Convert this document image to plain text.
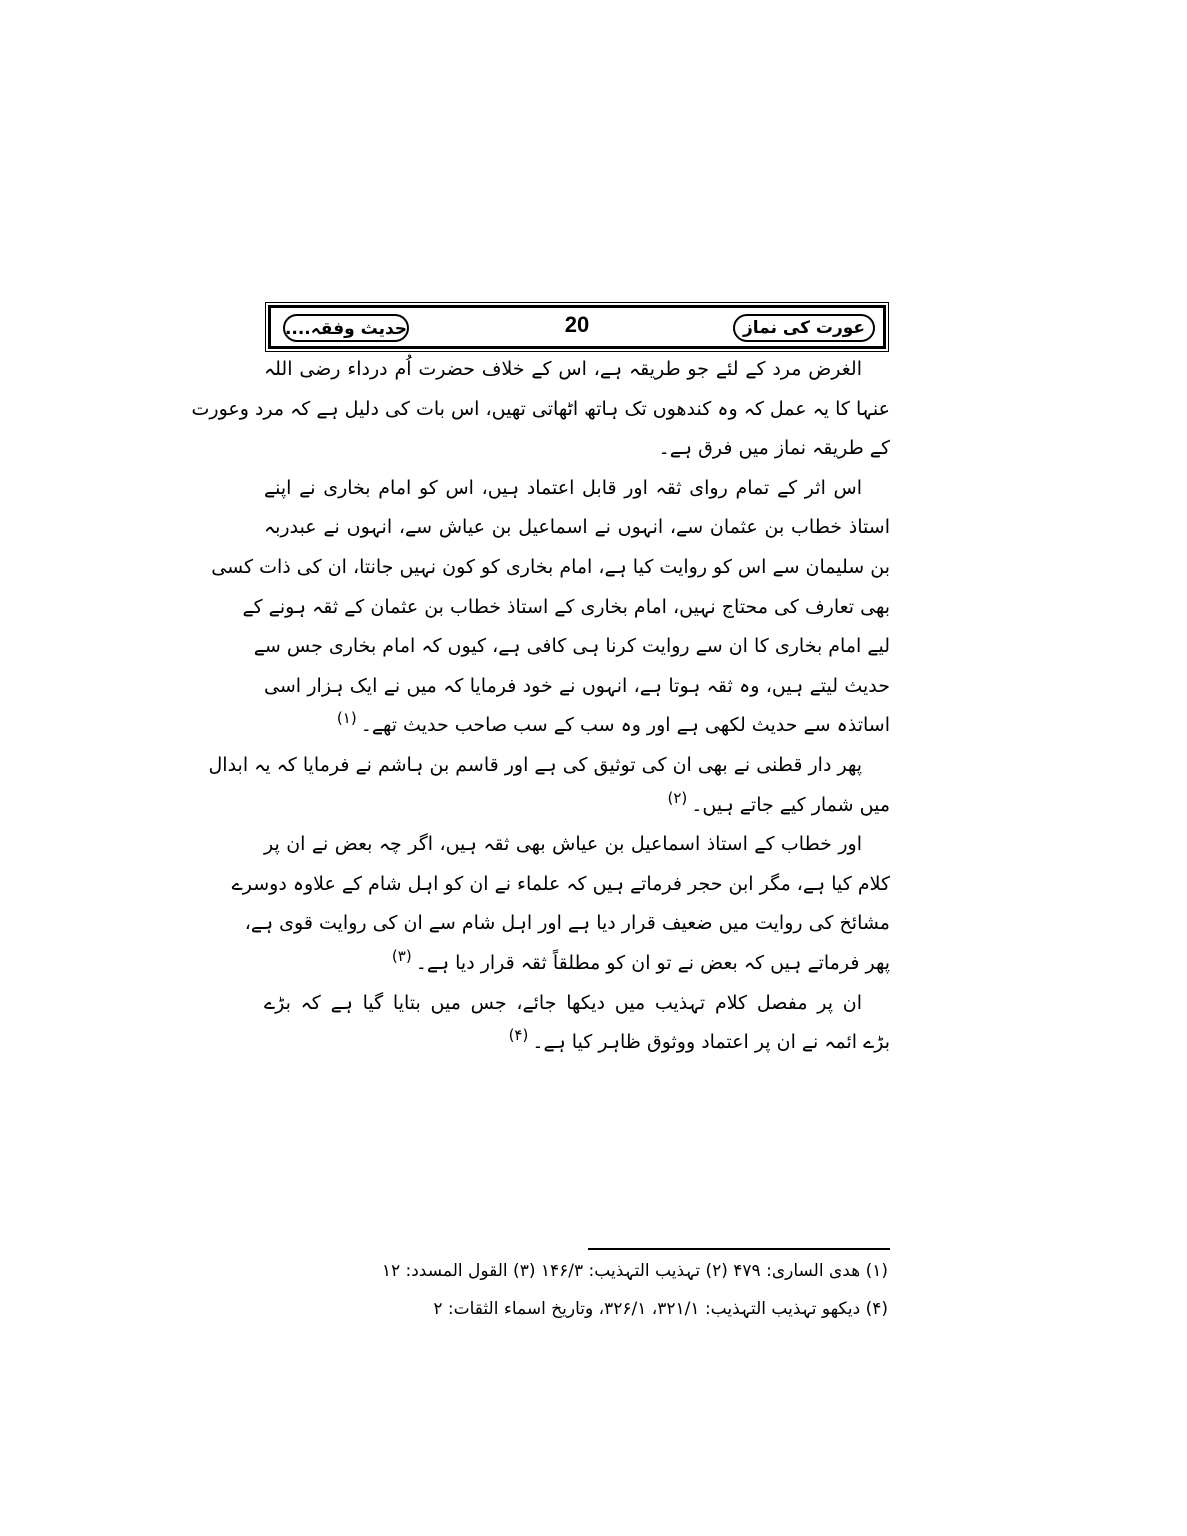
عورت کی نماز
20
حدیث وفقہ....
الغرض مرد کے لئے جو طریقہ ہے، اس کے خلاف حضرت اُم درداء رضی اللہ
عنہا کا یہ عمل کہ وہ کندھوں تک ہاتھ اٹھاتی تھیں، اس بات کی دلیل ہے کہ مرد وعورت
کے طریقہ نماز میں فرق ہے۔
اس اثر کے تمام روای ثقہ اور قابل اعتماد ہیں، اس کو امام بخاری نے اپنے
استاذ خطاب بن عثمان سے، انہوں نے اسماعیل بن عیاش سے، انہوں نے عبدربہ
بن سلیمان سے اس کو روایت کیا ہے، امام بخاری کو کون نہیں جانتا، ان کی ذات کسی
بھی تعارف کی محتاج نہیں، امام بخاری کے استاذ خطاب بن عثمان کے ثقہ ہونے کے
لیے امام بخاری کا ان سے روایت کرنا ہی کافی ہے، کیوں کہ امام بخاری جس سے
حدیث لیتے ہیں، وہ ثقہ ہوتا ہے، انہوں نے خود فرمایا کہ میں نے ایک ہزار اسی
اساتذہ سے حدیث لکھی ہے اور وہ سب کے سب صاحب حدیث تھے۔$^{(۱)}$
پھر دار قطنی نے بھی ان کی توثیق کی ہے اور قاسم بن ہاشم نے فرمایا کہ یہ ابدال
میں شمار کیے جاتے ہیں۔$^{(۲)}$
اور خطاب کے استاذ اسماعیل بن عیاش بھی ثقہ ہیں، اگر چہ بعض نے ان پر
کلام کیا ہے، مگر ابن حجر فرماتے ہیں کہ علماء نے ان کو اہل شام کے علاوہ دوسرے
مشائخ کی روایت میں ضعیف قرار دیا ہے اور اہل شام سے ان کی روایت قوی ہے،
پھر فرماتے ہیں کہ بعض نے تو ان کو مطلقاً ثقہ قرار دیا ہے۔$^{(۳)}$
ان پر مفصل کلام تہذیب میں دیکھا جائے، جس میں بتایا گیا ہے کہ بڑے
بڑے ائمہ نے ان پر اعتماد ووثوق ظاہر کیا ہے۔$^{(۴)}$
(۱) ھدی الساری: ۴۷۹ (۲) تہذیب التہذیب: ۱۴۶/۳ (۳) القول المسدد: ۱۲
(۴) دیکھو تہذیب التہذیب: ۳۲۱/۱، ۳۲۶/۱، وتاریخ اسماء الثقات: ۲
